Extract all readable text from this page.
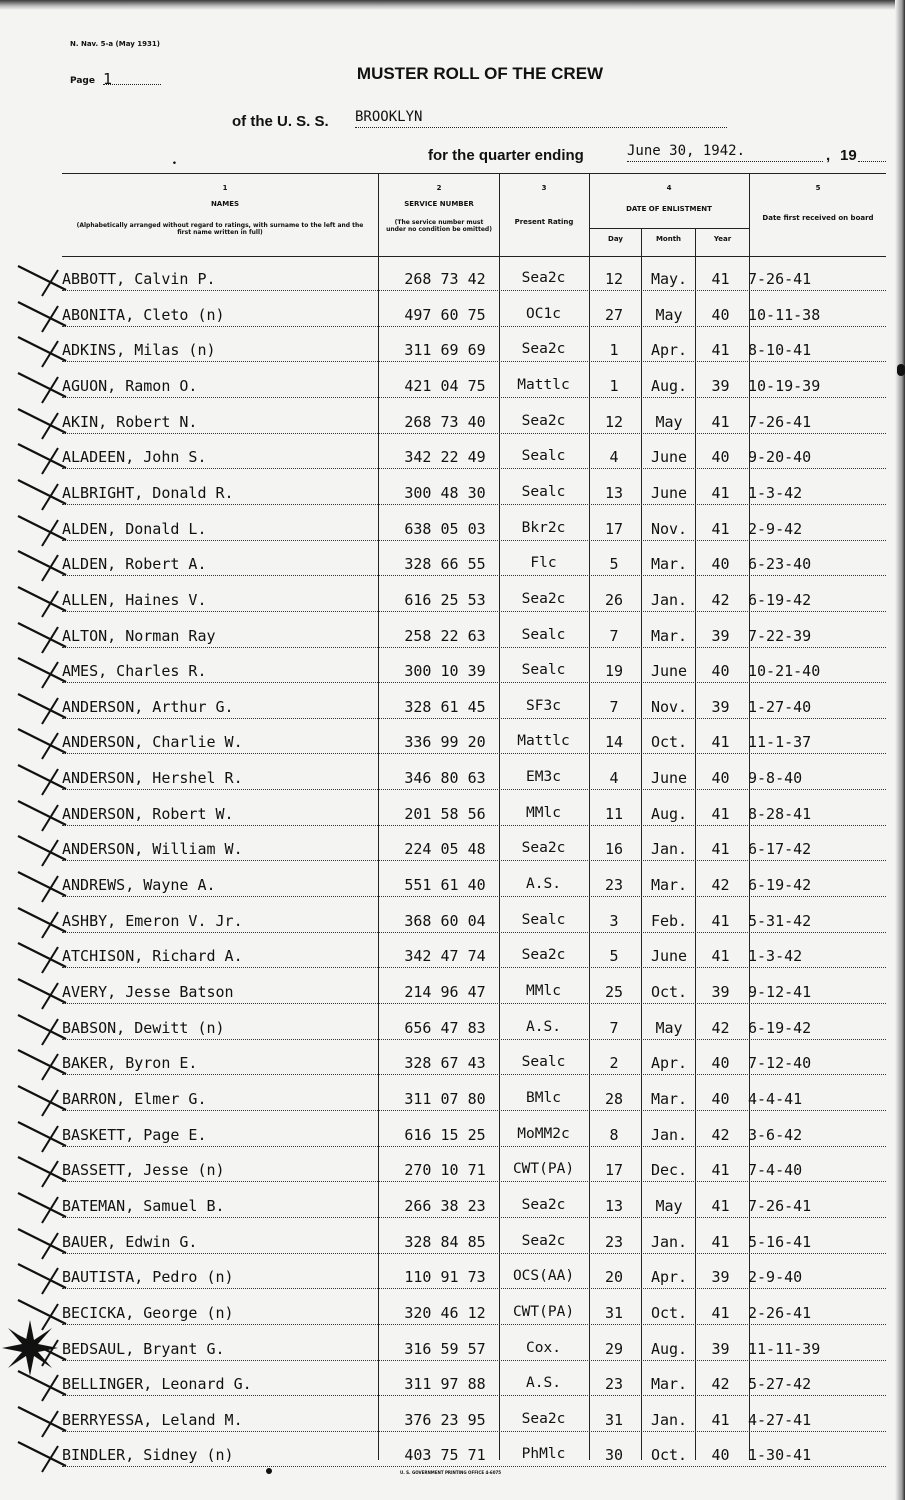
N. Nav. 5-a (May 1931)
Page 1	MUSTER ROLL OF THE CREW
of the U. S. S. BROOKLYN
.	for the quarter ending	June 30, 1942.	, 19
1
NAMES
(Alphabetically arranged without regard to ratings, with surname to the left and the first name written in full)
2
SERVICE NUMBER
(The service number must under no condition be omitted)
3
Present Rating
4
DATE OF ENLISTMENT
Day	Month	Year
5
Date first received on board
ABBOTT, Calvin P.	268 73 42	Sea2c	12	May.	41	7-26-41
ABONITA, Cleto (n)	497 60 75	OC1c	27	May	40	10-11-38
ADKINS, Milas (n)	311 69 69	Sea2c	1	Apr.	41	8-10-41
AGUON, Ramon O.	421 04 75	Mattlc	1	Aug.	39	10-19-39
AKIN, Robert N.	268 73 40	Sea2c	12	May	41	7-26-41
ALADEEN, John S.	342 22 49	Sealc	4	June	40	9-20-40
ALBRIGHT, Donald R.	300 48 30	Sealc	13	June	41	1-3-42
ALDEN, Donald L.	638 05 03	Bkr2c	17	Nov.	41	2-9-42
ALDEN, Robert A.	328 66 55	Flc	5	Mar.	40	6-23-40
ALLEN, Haines V.	616 25 53	Sea2c	26	Jan.	42	6-19-42
ALTON, Norman Ray	258 22 63	Sealc	7	Mar.	39	7-22-39
AMES, Charles R.	300 10 39	Sealc	19	June	40	10-21-40
ANDERSON, Arthur G.	328 61 45	SF3c	7	Nov.	39	1-27-40
ANDERSON, Charlie W.	336 99 20	Mattlc	14	Oct.	41	11-1-37
ANDERSON, Hershel R.	346 80 63	EM3c	4	June	40	9-8-40
ANDERSON, Robert W.	201 58 56	MMlc	11	Aug.	41	8-28-41
ANDERSON, William W.	224 05 48	Sea2c	16	Jan.	41	6-17-42
ANDREWS, Wayne A.	551 61 40	A.S.	23	Mar.	42	6-19-42
ASHBY, Emeron V. Jr.	368 60 04	Sealc	3	Feb.	41	5-31-42
ATCHISON, Richard A.	342 47 74	Sea2c	5	June	41	1-3-42
AVERY, Jesse Batson	214 96 47	MMlc	25	Oct.	39	9-12-41
BABSON, Dewitt (n)	656 47 83	A.S.	7	May	42	6-19-42
BAKER, Byron E.	328 67 43	Sealc	2	Apr.	40	7-12-40
BARRON, Elmer G.	311 07 80	BMlc	28	Mar.	40	4-4-41
BASKETT, Page E.	616 15 25	MoMM2c	8	Jan.	42	3-6-42
BASSETT, Jesse (n)	270 10 71	CWT(PA)	17	Dec.	41	7-4-40
BATEMAN, Samuel B.	266 38 23	Sea2c	13	May	41	7-26-41
BAUER, Edwin G.	328 84 85	Sea2c	23	Jan.	41	5-16-41
BAUTISTA, Pedro (n)	110 91 73	OCS(AA)	20	Apr.	39	2-9-40
BECICKA, George (n)	320 46 12	CWT(PA)	31	Oct.	41	2-26-41
BEDSAUL, Bryant G.	316 59 57	Cox.	29	Aug.	39	11-11-39
BELLINGER, Leonard G.	311 97 88	A.S.	23	Mar.	42	5-27-42
BERRYESSA, Leland M.	376 23 95	Sea2c	31	Jan.	41	4-27-41
BINDLER, Sidney (n)	403 75 71	PhMlc	30	Oct.	40	1-30-41
U. S. GOVERNMENT PRINTING OFFICE 4-6075
